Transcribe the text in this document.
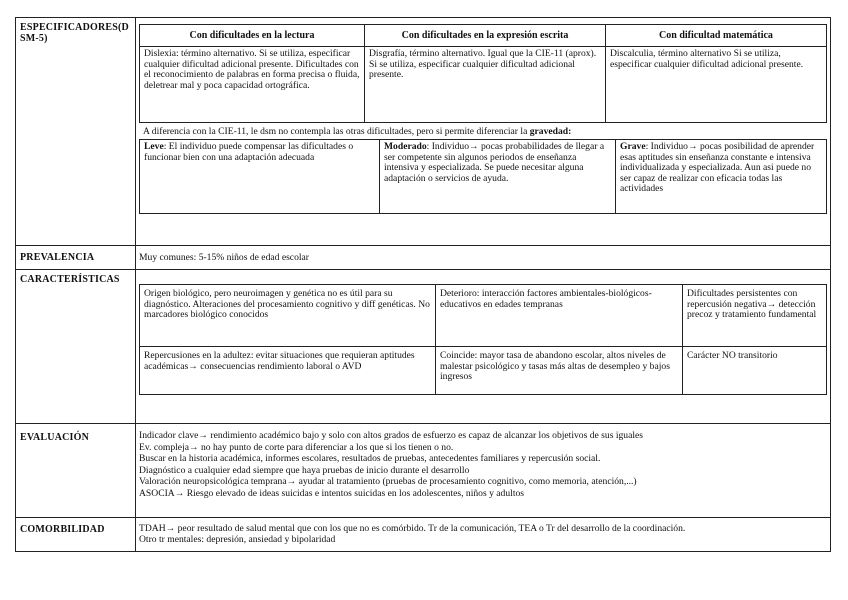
ESPECIFICADORES(DSM-5)		Con dificultades en la lectura	Con dificultades en la expresión escrita	Con dificultad matemática
Dislexia: término alternativo. Si se utiliza, especificar cualquier dificultad adicional presente. Dificultades con el reconocimiento de palabras en forma precisa o fluida, deletrear mal y poca capacidad ortográfica.	Disgrafía, término alternativo. Igual que la CIE-11 (aprox). Si se utiliza, especificar cualquier dificultad adicional presente.	Discalculia, término alternativo Si se utiliza, especificar cualquier dificultad adicional presente.
A diferencia con la CIE-11, le dsm no contempla las otras dificultades, pero si permite diferenciar la gravedad:
Leve: El individuo puede compensar las dificultades o funcionar bien con una adaptación adecuada	Moderado: Individuo→ pocas probabilidades de llegar a ser competente sin algunos periodos de enseñanza intensiva y especializada. Se puede necesitar alguna adaptación o servicios de ayuda.	Grave: Individuo→ pocas posibilidad de aprender esas aptitudes sin enseñanza constante e intensiva individualizada y especializada. Aun asi puede no ser capaz de realizar con eficacia todas las actividades

PREVALENCIA	Muy comunes: 5-15% niños de edad escolar
CARACTERÍSTICAS	
Origen biológico, pero neuroimagen y genética no es útil para su diagnóstico. Alteraciones del procesamiento cognitivo y diff genéticas. No marcadores biológico conocidos	Deterioro: interacción factores ambientales-biológicos-educativos en edades tempranas	Dificultades persistentes con repercusión negativa→ detección precoz y tratamiento fundamental
Repercusiones en la adultez: evitar situaciones que requieran aptitudes académicas→ consecuencias rendimiento laboral o AVD	Coincide: mayor tasa de abandono escolar, altos niveles de malestar psicológico y tasas más altas de desempleo y bajos ingresos	Carácter NO transitorio

EVALUACIÓN	Indicador clave→ rendimiento académico bajo y solo con altos grados de esfuerzo es capaz de alcanzar los objetivos de sus iguales
Ev. compleja→ no hay punto de corte para diferenciar a los que si los tienen o no.
Buscar en la historia académica, informes escolares, resultados de pruebas, antecedentes familiares y repercusión social.
Diagnóstico a cualquier edad siempre que haya pruebas de inicio durante el desarrollo
Valoración neuropsicológica temprana→ ayudar al tratamiento (pruebas de procesamiento cognitivo, como memoria, atención,...)
ASOCIA→ Riesgo elevado de ideas suicidas e intentos suicidas en los adolescentes, niños y adultos

COMORBILIDAD	TDAH→ peor resultado de salud mental que con los que no es comórbido. Tr de la comunicación, TEA o Tr del desarrollo de la coordinación.
Otro tr mentales: depresión, ansiedad y bipolaridad
